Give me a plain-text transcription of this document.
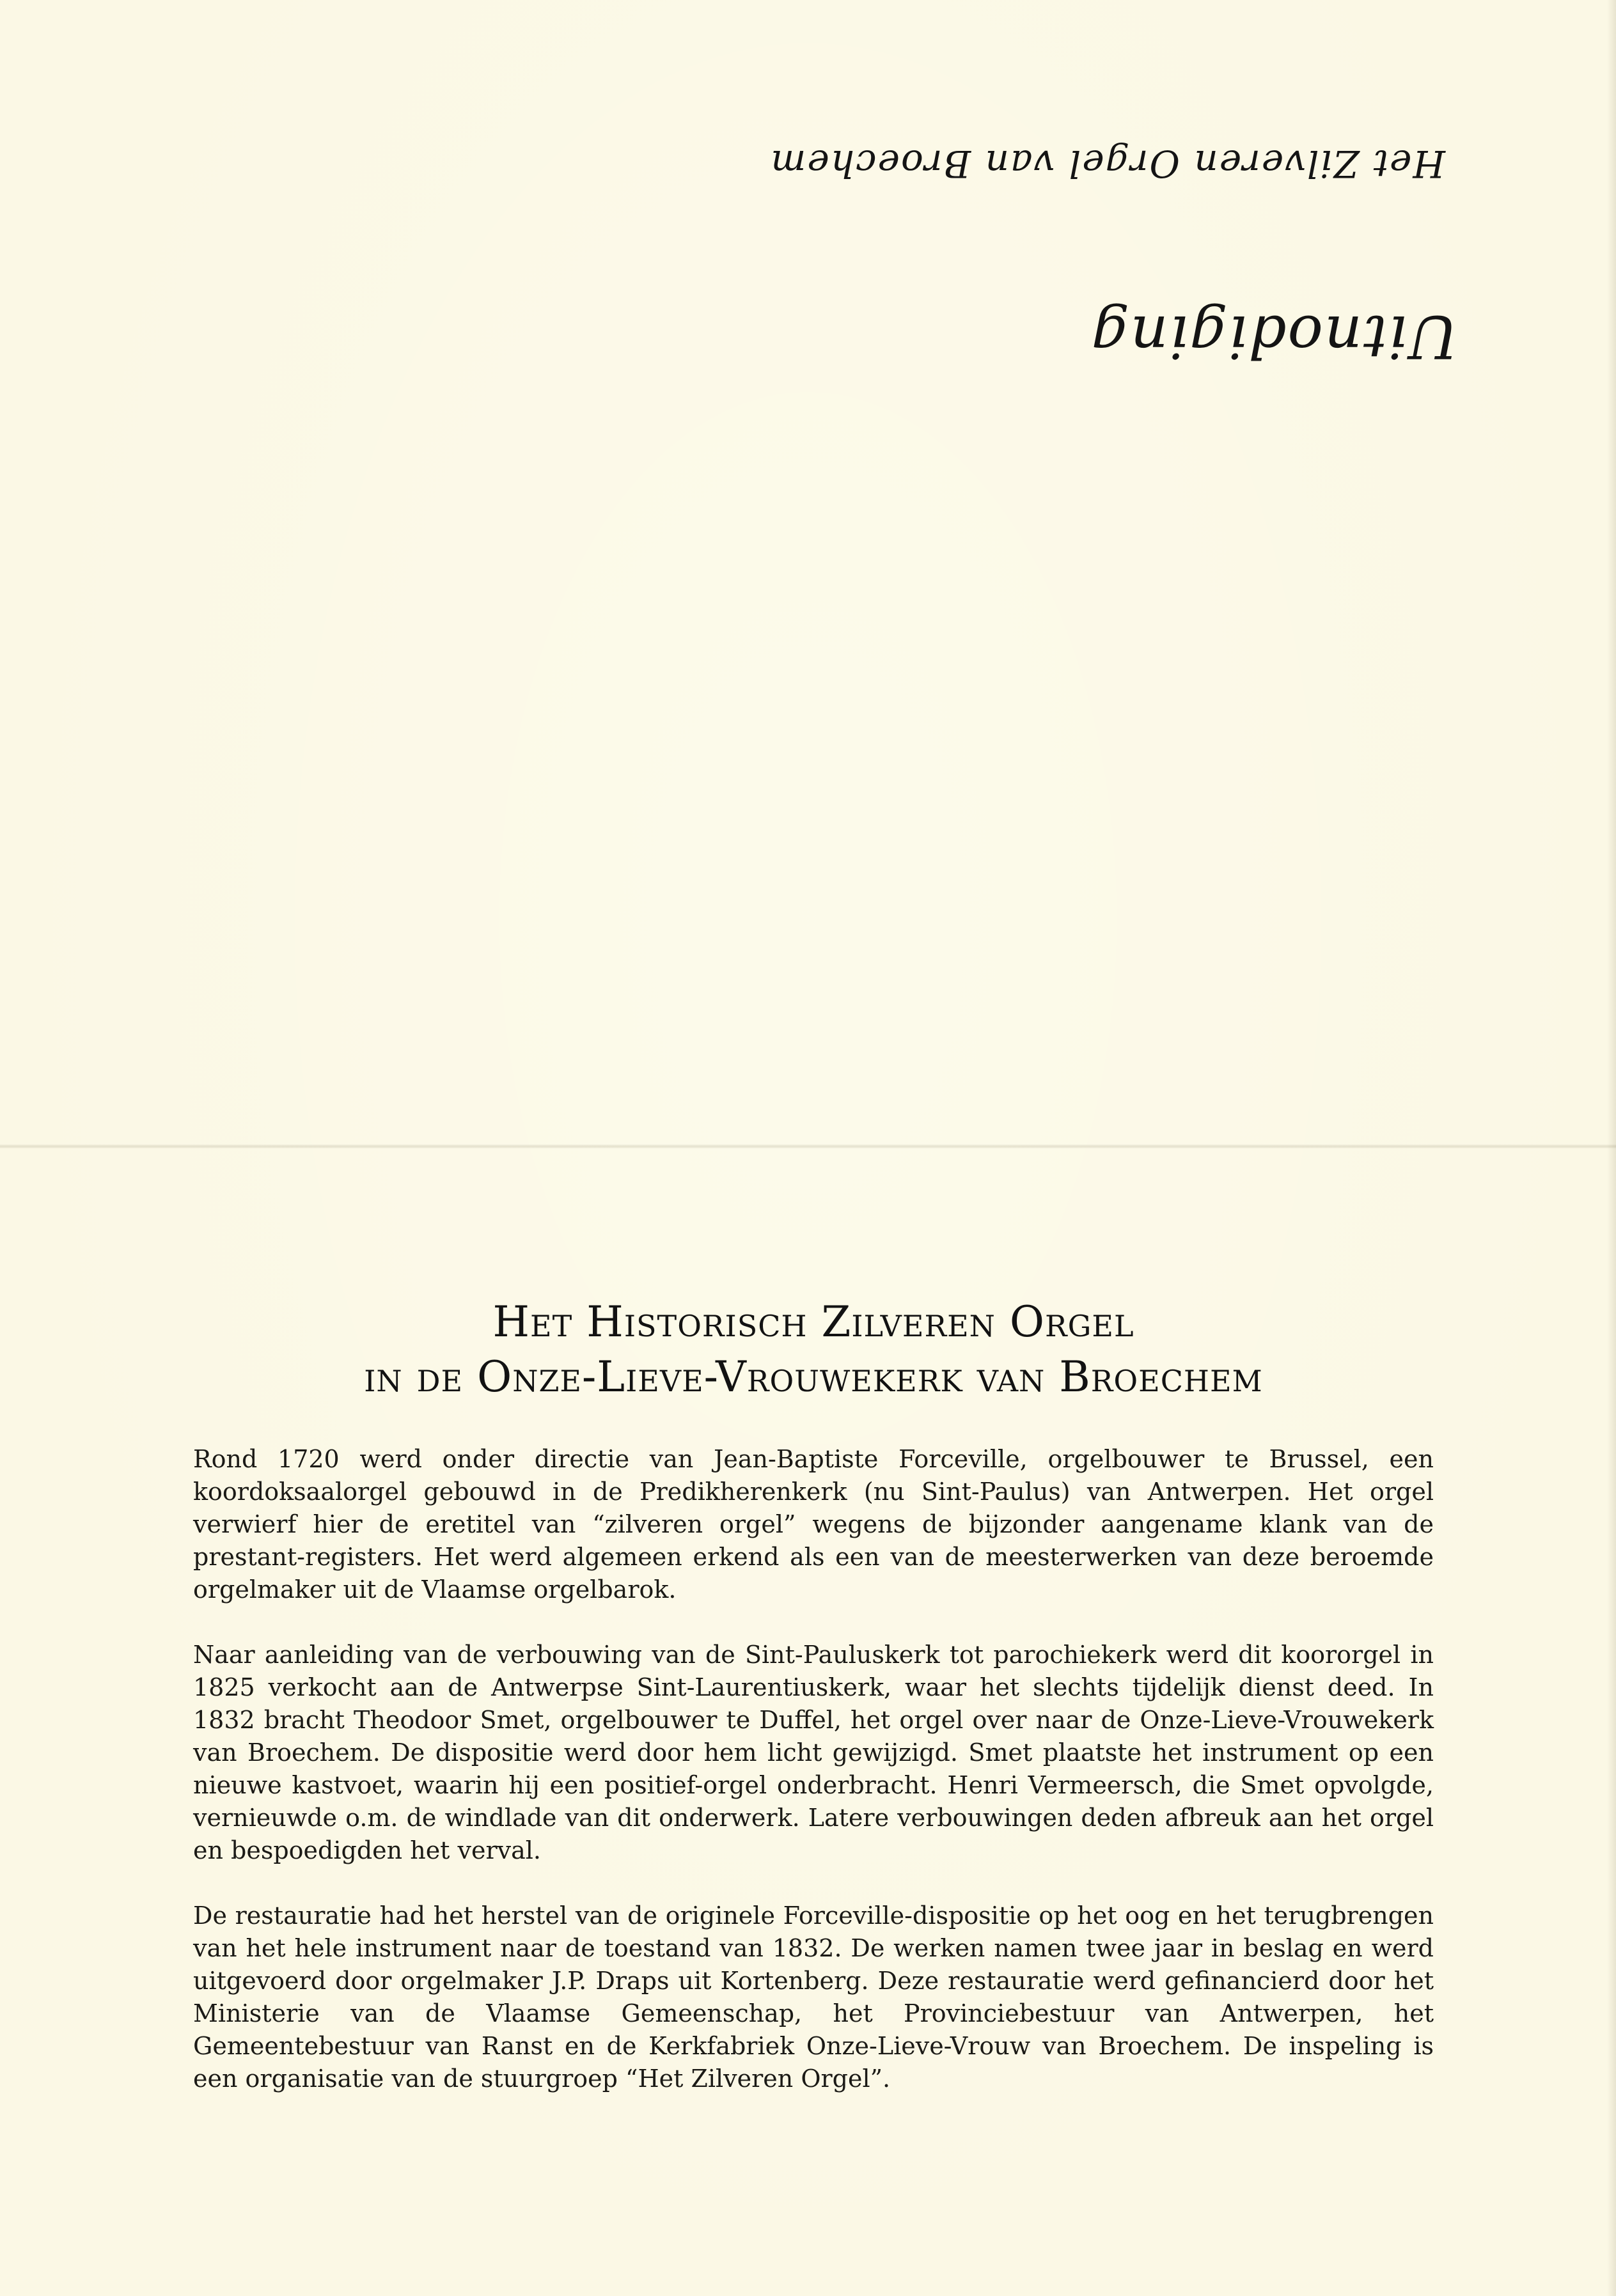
Uitnodiging
Het Zilveren Orgel van Broechem
Het Historisch Zilveren Orgel
in de Onze-Lieve-Vrouwekerk van Broechem

Rond 1720 werd onder directie van Jean-Baptiste Forceville, orgelbouwer te Brussel, een koordoksaalorgel gebouwd in de Predikherenkerk (nu Sint-Paulus) van Antwerpen. Het orgel verwierf hier de eretitel van “zilveren orgel” wegens de bijzonder aangename klank van de prestant-registers. Het werd algemeen erkend als een van de meesterwerken van deze beroemde orgelmaker uit de Vlaamse orgelbarok.

Naar aanleiding van de verbouwing van de Sint-Pauluskerk tot parochiekerk werd dit koororgel in 1825 verkocht aan de Antwerpse Sint-Laurentiuskerk, waar het slechts tijdelijk dienst deed. In 1832 bracht Theodoor Smet, orgelbouwer te Duffel, het orgel over naar de Onze-Lieve-Vrouwekerk van Broechem. De dispositie werd door hem licht gewijzigd. Smet plaatste het instrument op een nieuwe kastvoet, waarin hij een positief-orgel onderbracht. Henri Vermeersch, die Smet opvolgde, vernieuwde o.m. de windlade van dit onderwerk. Latere verbouwingen deden afbreuk aan het orgel en bespoedigden het verval.

De restauratie had het herstel van de originele Forceville-dispositie op het oog en het terugbrengen van het hele instrument naar de toestand van 1832. De werken namen twee jaar in beslag en werd uitgevoerd door orgelmaker J.P. Draps uit Kortenberg. Deze restauratie werd gefinancierd door het Ministerie van de Vlaamse Gemeenschap, het Provinciebestuur van Antwerpen, het Gemeentebestuur van Ranst en de Kerkfabriek Onze-Lieve-Vrouw van Broechem. De inspeling is een organisatie van de stuurgroep “Het Zilveren Orgel”.
